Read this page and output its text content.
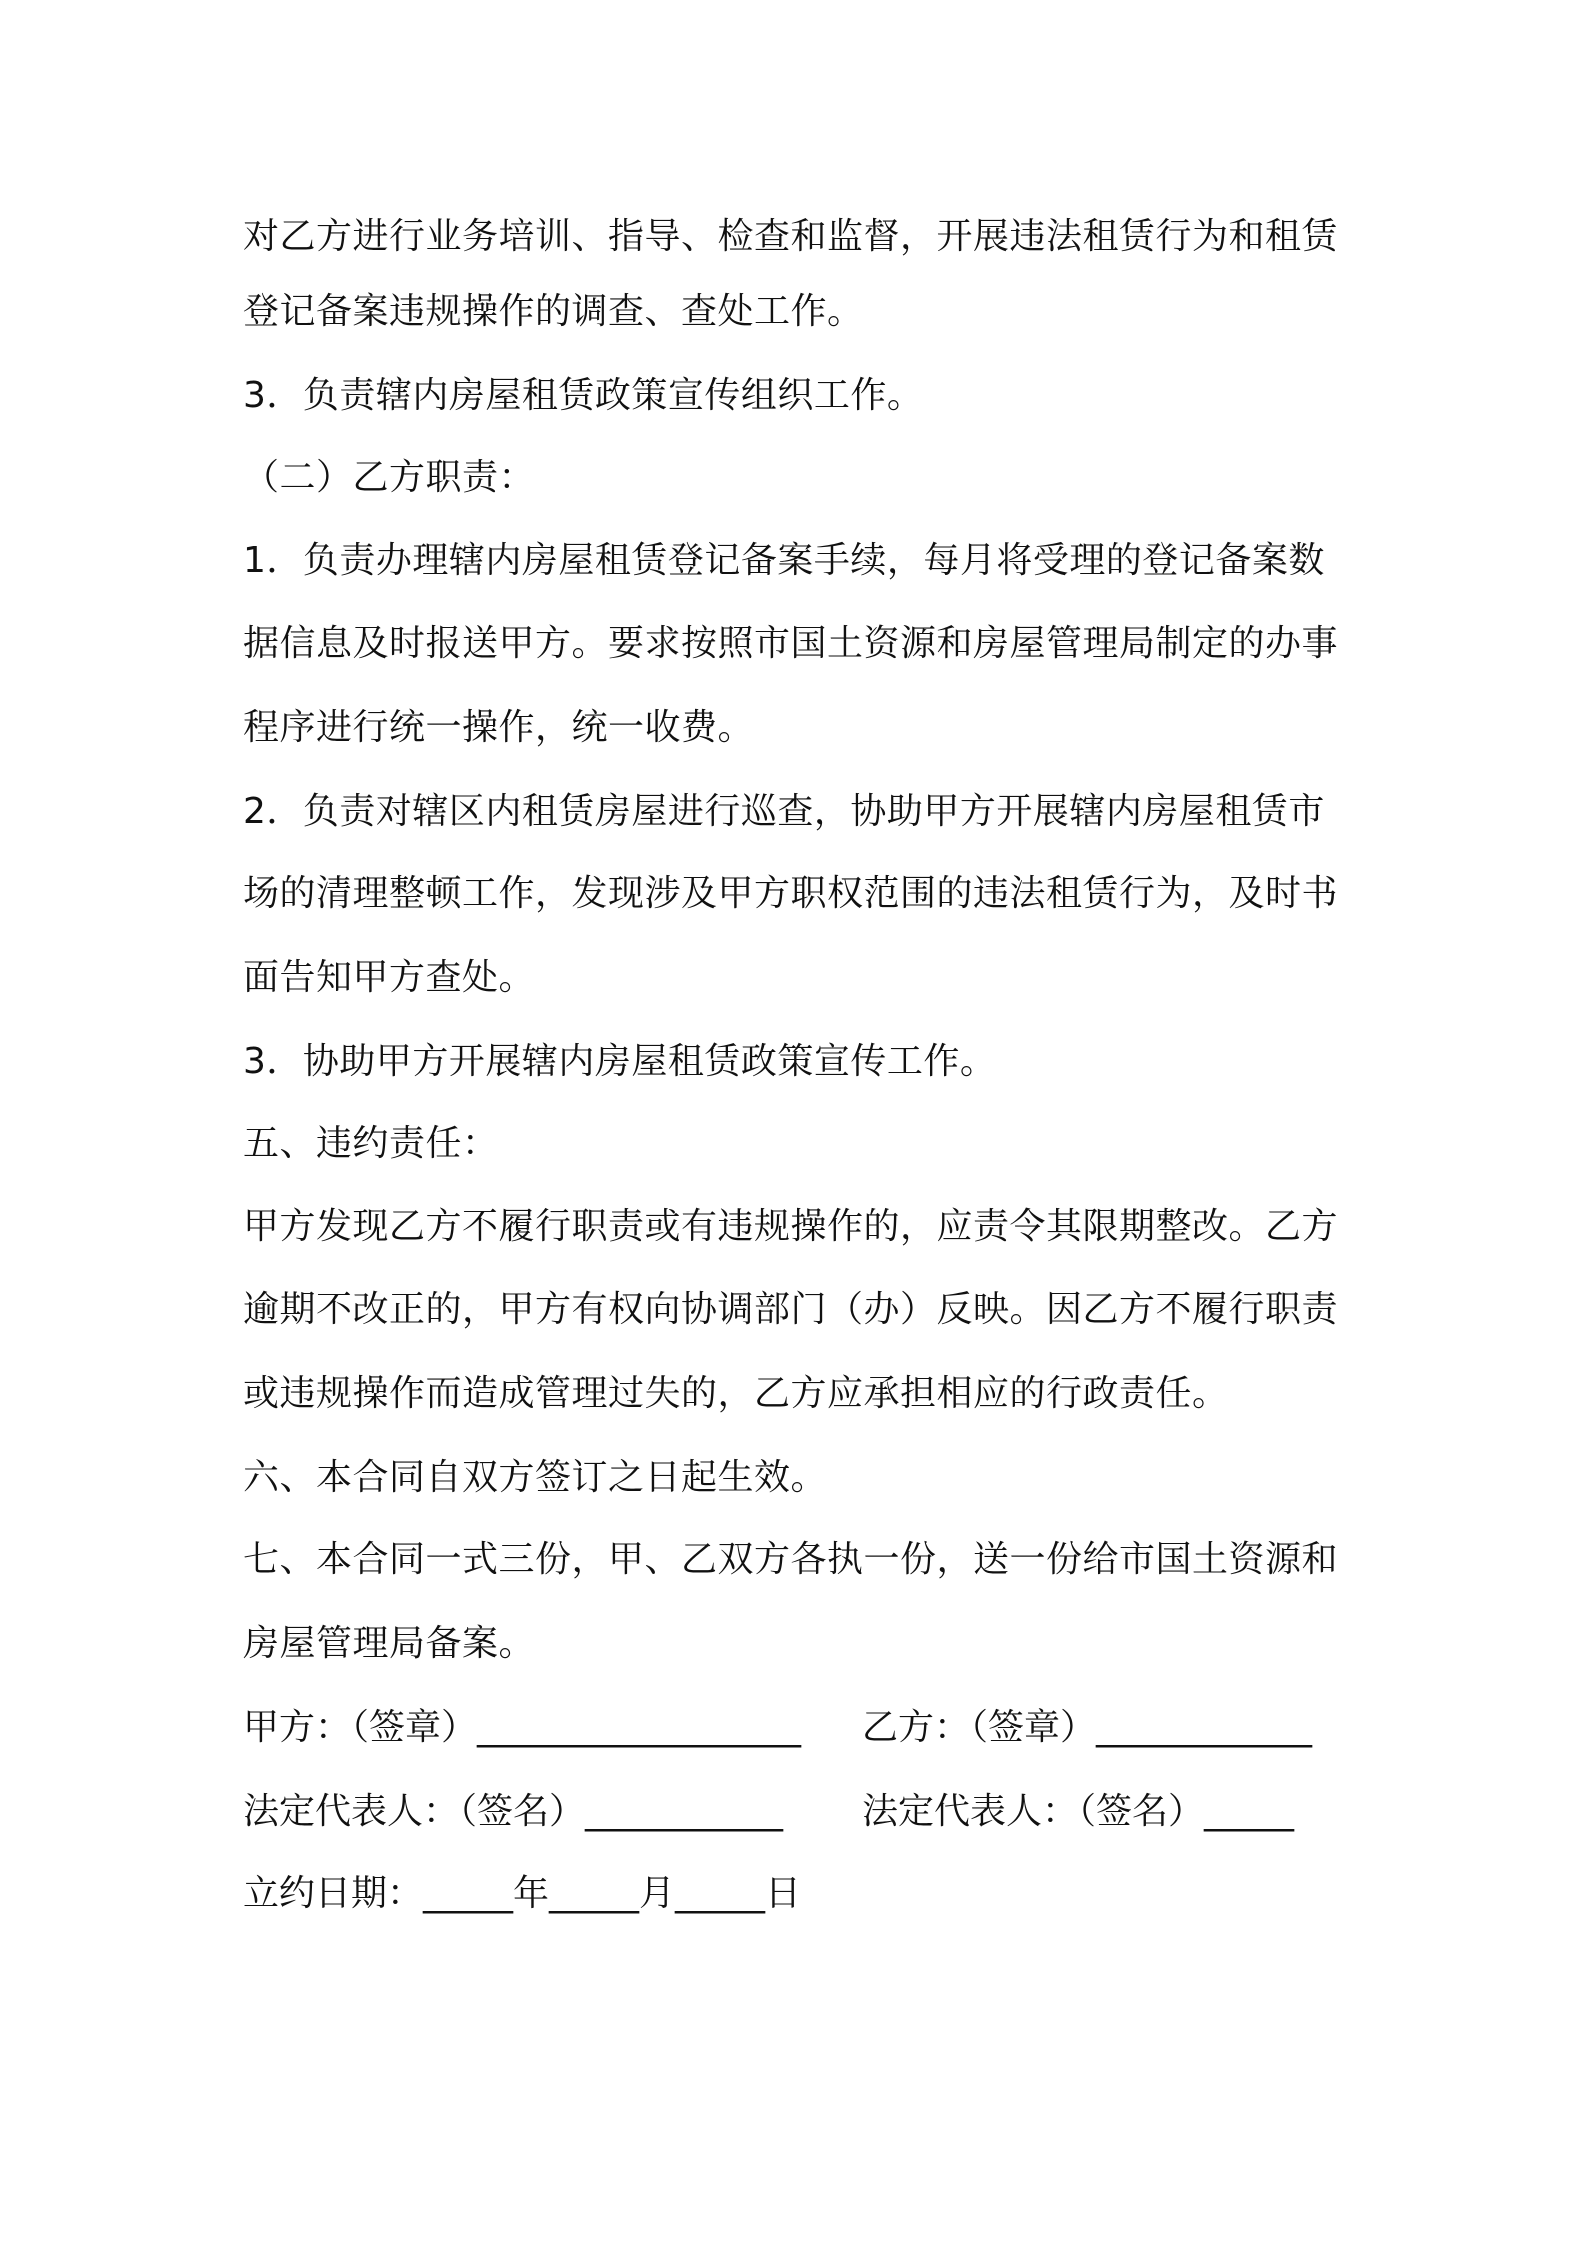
对乙方进行业务培训、指导、检查和监督，开展违法租赁行为和租赁
登记备案违规操作的调查、查处工作。
3．负责辖内房屋租赁政策宣传组织工作。
（二）乙方职责：
1．负责办理辖内房屋租赁登记备案手续，每月将受理的登记备案数
据信息及时报送甲方。要求按照市国土资源和房屋管理局制定的办事
程序进行统一操作，统一收费。
2．负责对辖区内租赁房屋进行巡查，协助甲方开展辖内房屋租赁市
场的清理整顿工作，发现涉及甲方职权范围的违法租赁行为，及时书
面告知甲方查处。
3．协助甲方开展辖内房屋租赁政策宣传工作。
五、违约责任：
甲方发现乙方不履行职责或有违规操作的，应责令其限期整改。乙方
逾期不改正的，甲方有权向协调部门（办）反映。因乙方不履行职责
或违规操作而造成管理过失的，乙方应承担相应的行政责任。
六、本合同自双方签订之日起生效。
七、本合同一式三份，甲、乙双方各执一份，送一份给市国土资源和
房屋管理局备案。
甲方：（签章）__________________ 乙方：（签章）____________
法定代表人：（签名）___________ 法定代表人：（签名）_____
立约日期：_____年_____月_____日
